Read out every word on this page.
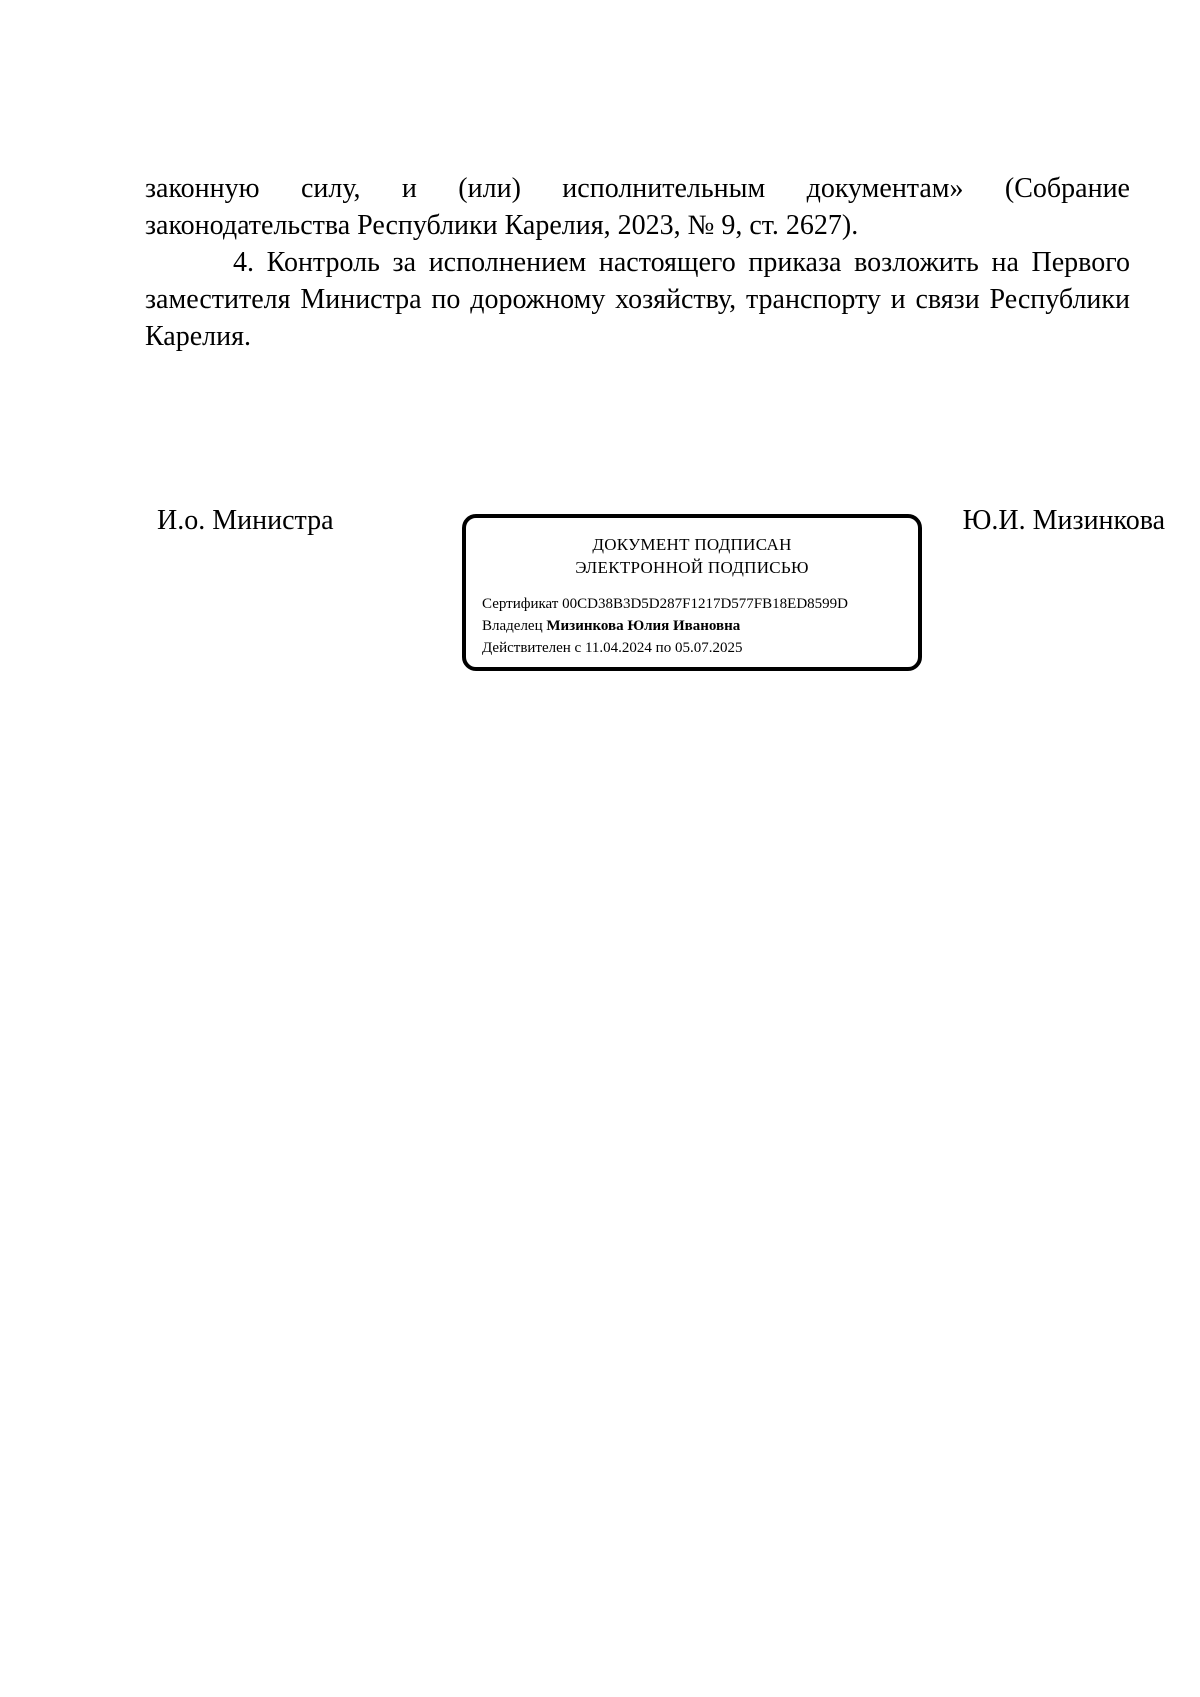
законную силу, и (или) исполнительным документам» (Собрание законодательства Республики Карелия, 2023, № 9, ст. 2627).

4. Контроль за исполнением настоящего приказа возложить на Первого заместителя Министра по дорожному хозяйству, транспорту и связи Республики Карелия.

И.о. Министра
ДОКУМЕНТ ПОДПИСАН
ЭЛЕКТРОННОЙ ПОДПИСЬЮ
Сертификат 00CD38B3D5D287F1217D577FB18ED8599D
Владелец Мизинкова Юлия Ивановна
Действителен с 11.04.2024 по 05.07.2025
Ю.И. Мизинкова
